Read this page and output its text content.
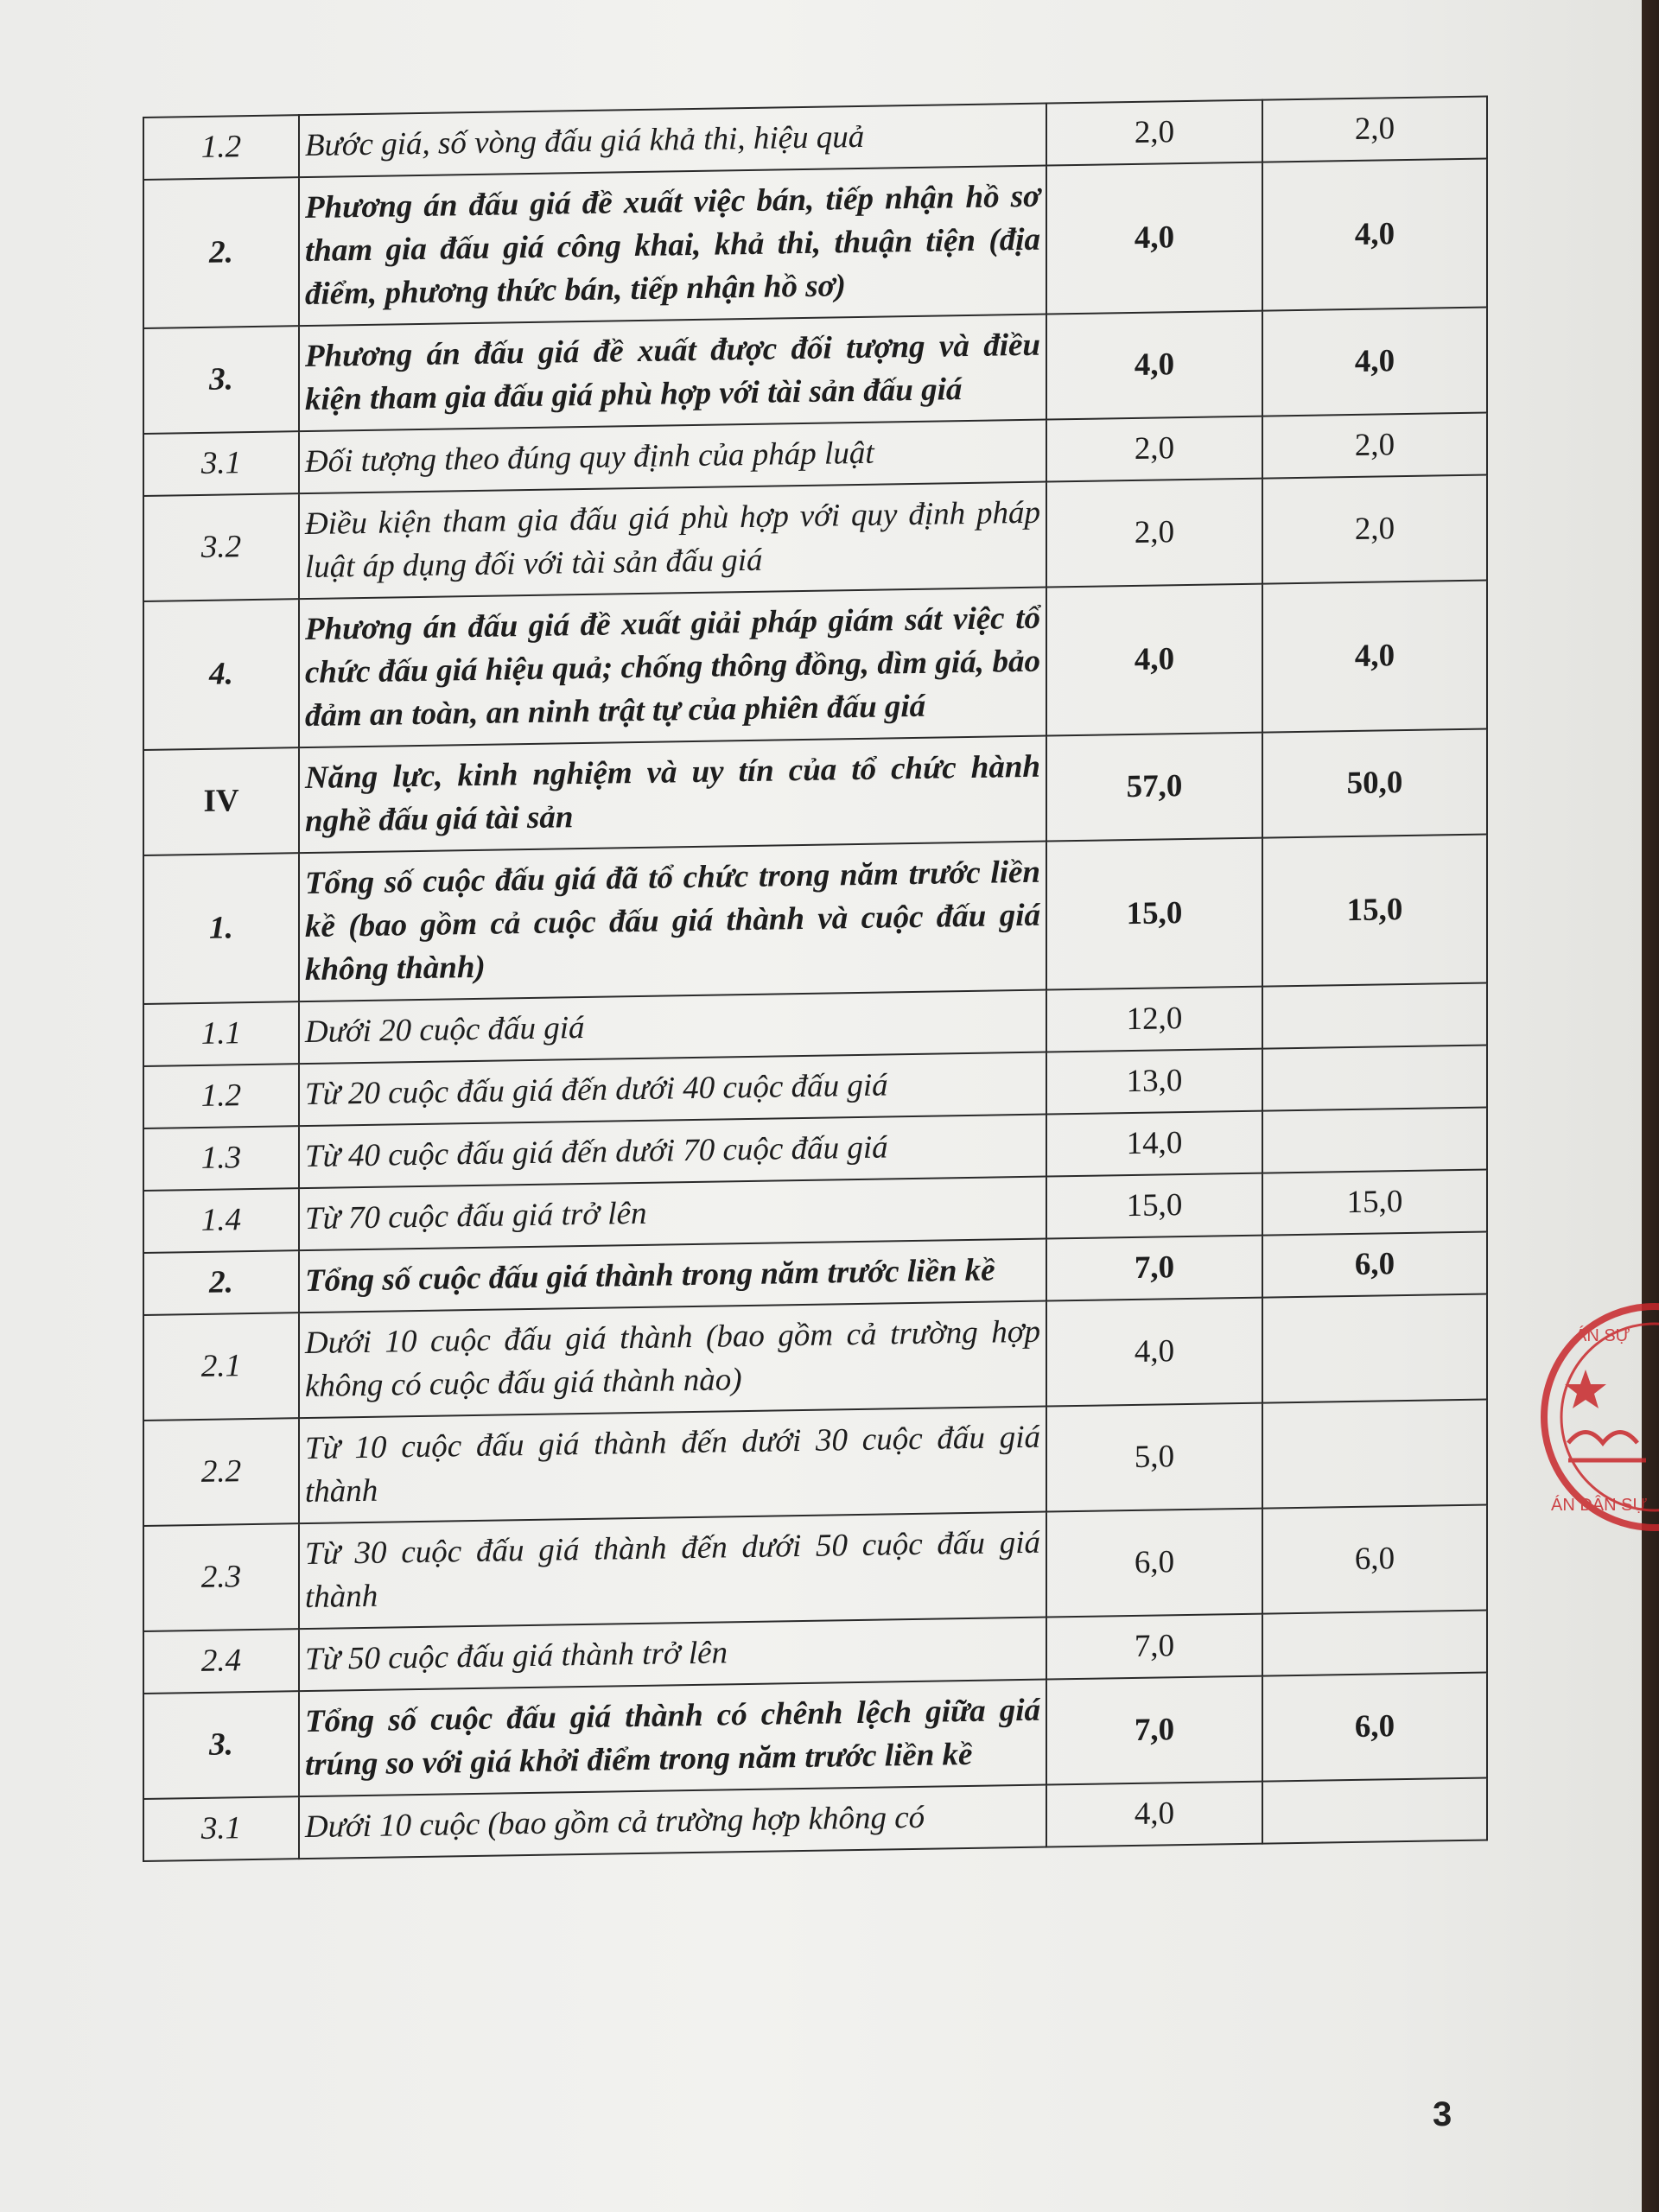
1.2	Bước giá, số vòng đấu giá khả thi, hiệu quả	2,0	2,0
2.	Phương án đấu giá đề xuất việc bán, tiếp nhận hồ sơ tham gia đấu giá công khai, khả thi, thuận tiện (địa điểm, phương thức bán, tiếp nhận hồ sơ)	4,0	4,0
3.	Phương án đấu giá đề xuất được đối tượng và điều kiện tham gia đấu giá phù hợp với tài sản đấu giá	4,0	4,0
3.1	Đối tượng theo đúng quy định của pháp luật	2,0	2,0
3.2	Điều kiện tham gia đấu giá phù hợp với quy định pháp luật áp dụng đối với tài sản đấu giá	2,0	2,0
4.	Phương án đấu giá đề xuất giải pháp giám sát việc tổ chức đấu giá hiệu quả; chống thông đồng, dìm giá, bảo đảm an toàn, an ninh trật tự của phiên đấu giá	4,0	4,0
IV	Năng lực, kinh nghiệm và uy tín của tổ chức hành nghề đấu giá tài sản	57,0	50,0
1.	Tổng số cuộc đấu giá đã tổ chức trong năm trước liền kề (bao gồm cả cuộc đấu giá thành và cuộc đấu giá không thành)	15,0	15,0
1.1	Dưới 20 cuộc đấu giá	12,0	
1.2	Từ 20 cuộc đấu giá đến dưới 40 cuộc đấu giá	13,0	
1.3	Từ 40 cuộc đấu giá đến dưới 70 cuộc đấu giá	14,0	
1.4	Từ 70 cuộc đấu giá trở lên	15,0	15,0
2.	Tổng số cuộc đấu giá thành trong năm trước liền kề	7,0	6,0
2.1	Dưới 10 cuộc đấu giá thành (bao gồm cả trường hợp không có cuộc đấu giá thành nào)	4,0	
2.2	Từ 10 cuộc đấu giá thành đến dưới 30 cuộc đấu giá thành	5,0	
2.3	Từ 30 cuộc đấu giá thành đến dưới 50 cuộc đấu giá thành	6,0	6,0
2.4	Từ 50 cuộc đấu giá thành trở lên	7,0	
3.	Tổng số cuộc đấu giá thành có chênh lệch giữa giá trúng so với giá khởi điểm trong năm trước liền kề	7,0	6,0
3.1	Dưới 10 cuộc (bao gồm cả trường hợp không có	4,0	
ÁN SỰ
ÁN DÂN SỰ
3
